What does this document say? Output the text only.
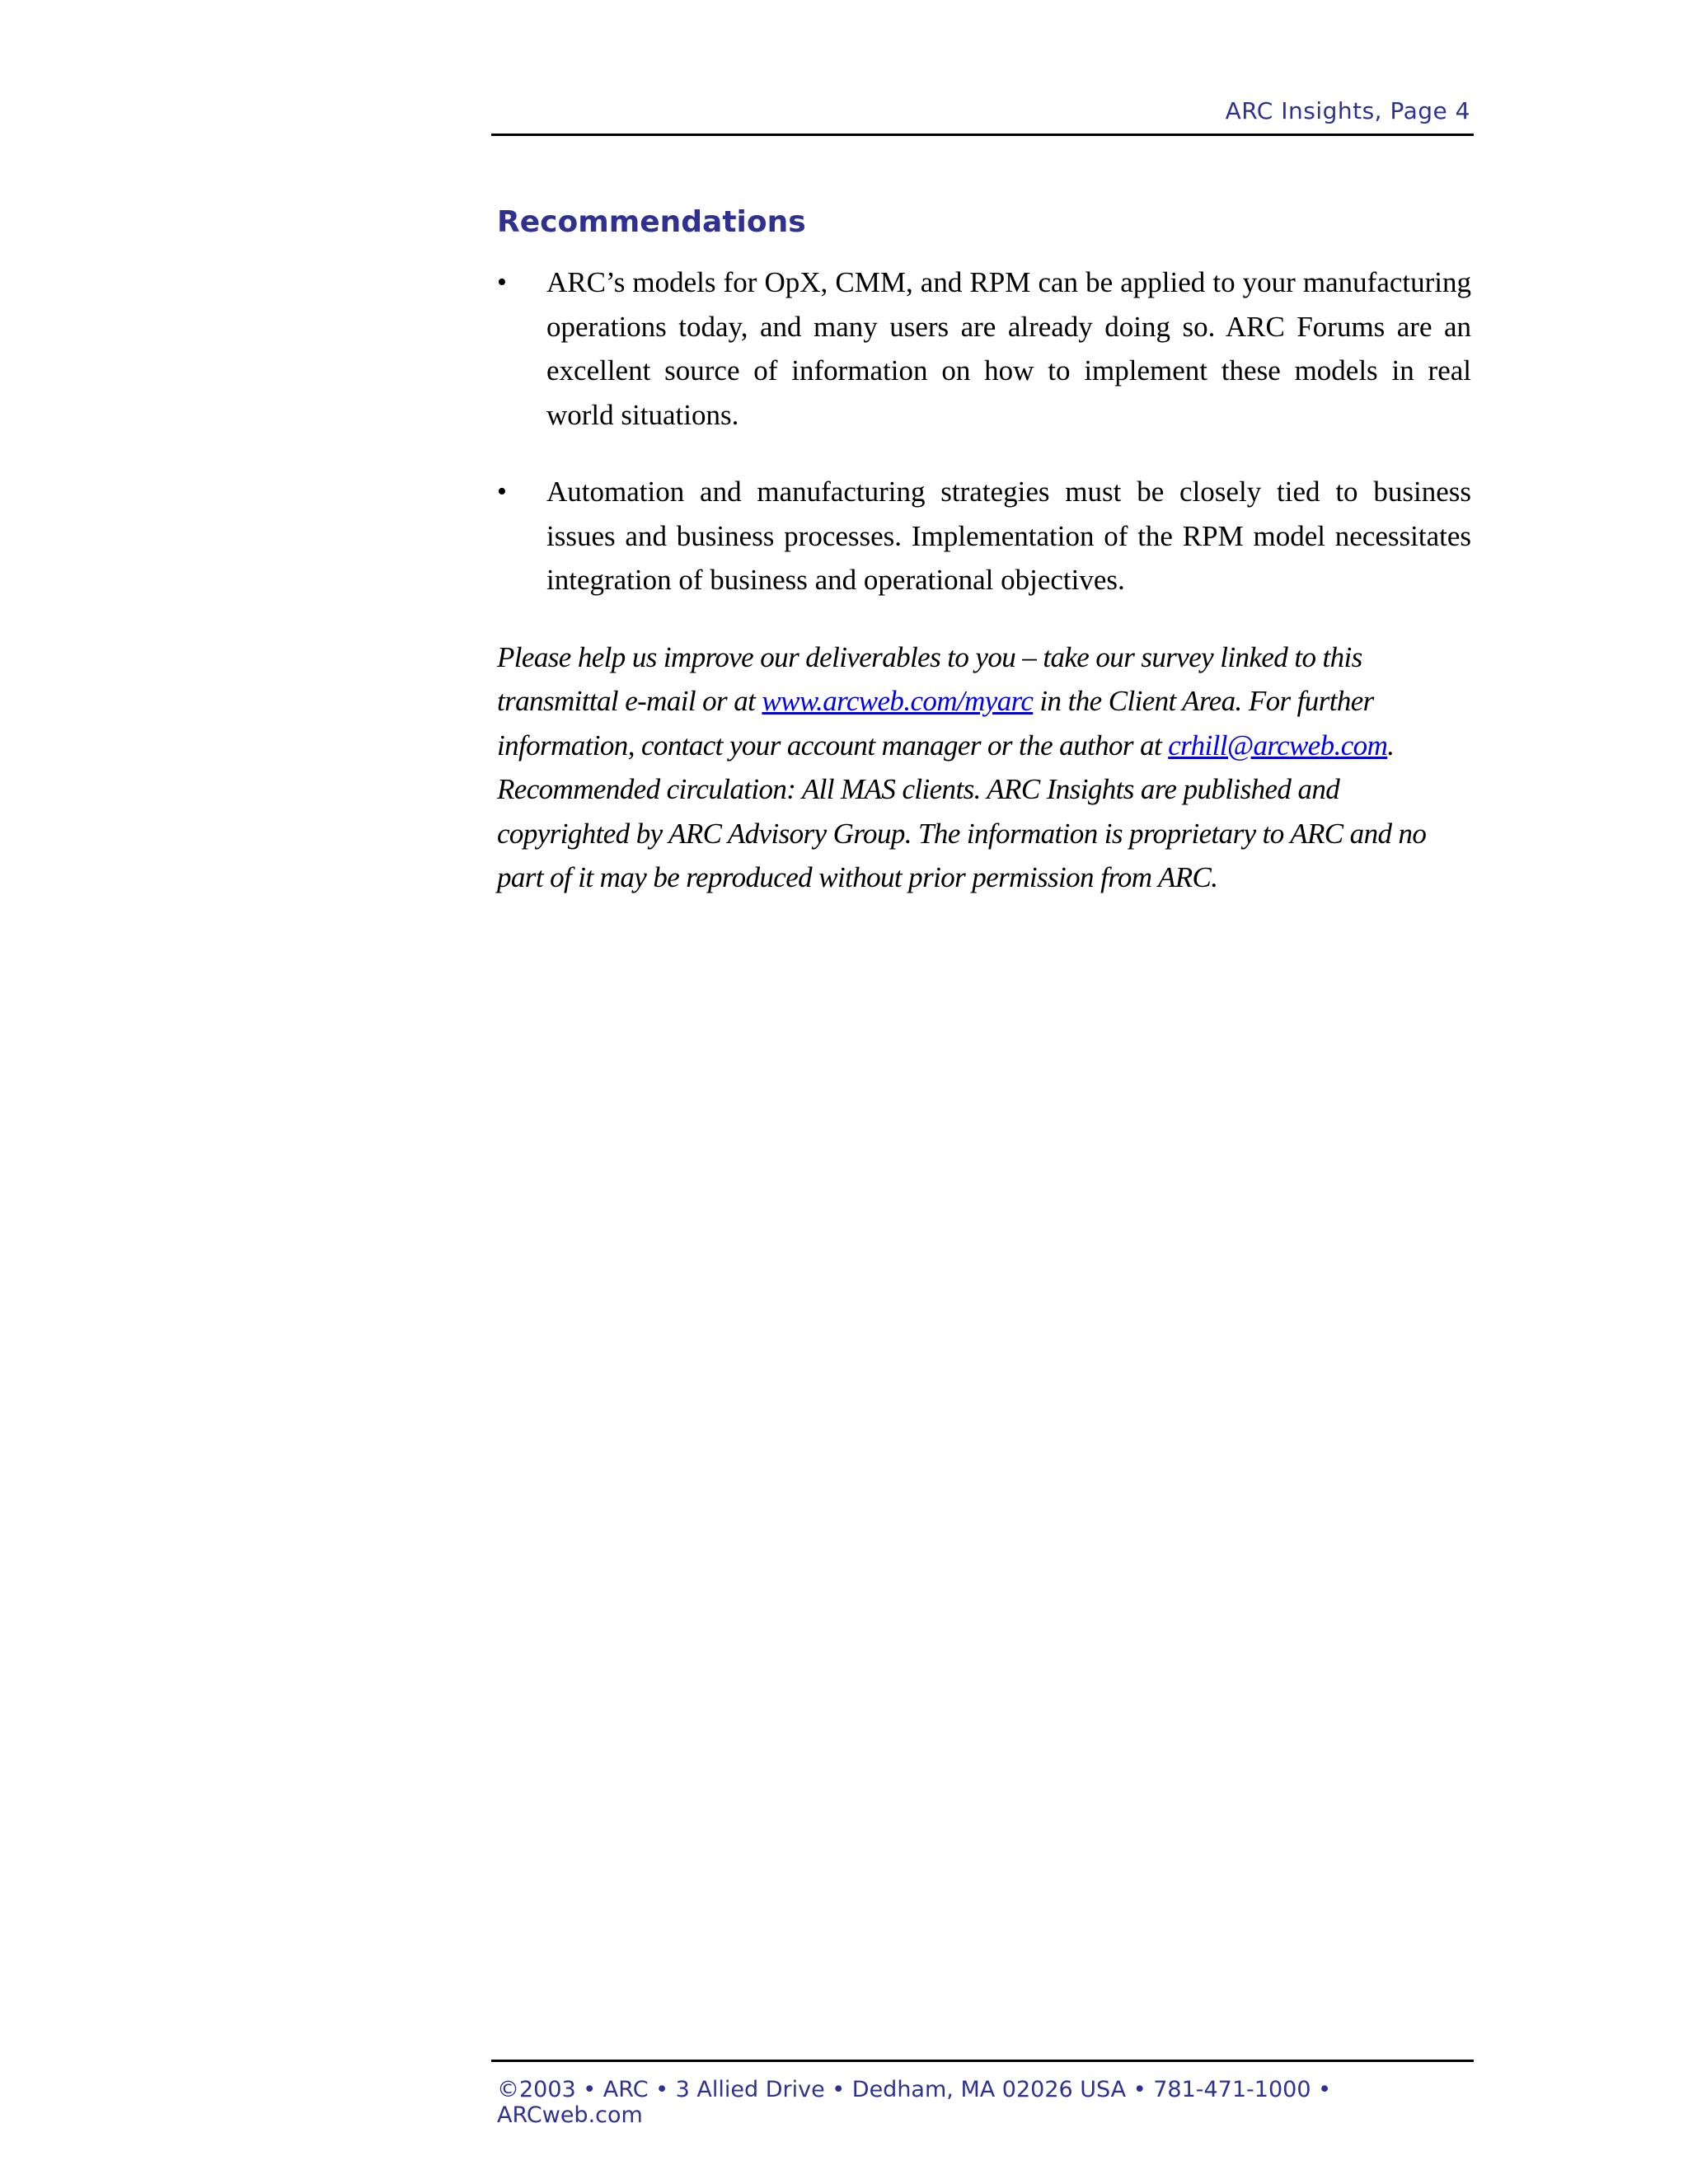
ARC Insights, Page 4
Recommendations
•	ARC’s models for OpX, CMM, and RPM can be applied to your manufacturing operations today, and many users are already doing so. ARC Forums are an excellent source of information on how to implement these models in real world situations.
•	Automation and manufacturing strategies must be closely tied to business issues and business processes. Implementation of the RPM model necessitates integration of business and operational objectives.

Please help us improve our deliverables to you – take our survey linked to this transmittal e-mail or at www.arcweb.com/myarc in the Client Area. For further information, contact your account manager or the author at crhill@arcweb.com. Recommended circulation: All MAS clients. ARC Insights are published and copyrighted by ARC Advisory Group. The information is proprietary to ARC and no part of it may be reproduced without prior permission from ARC.

©2003 • ARC • 3 Allied Drive • Dedham, MA 02026 USA • 781-471-1000 • ARCweb.com
